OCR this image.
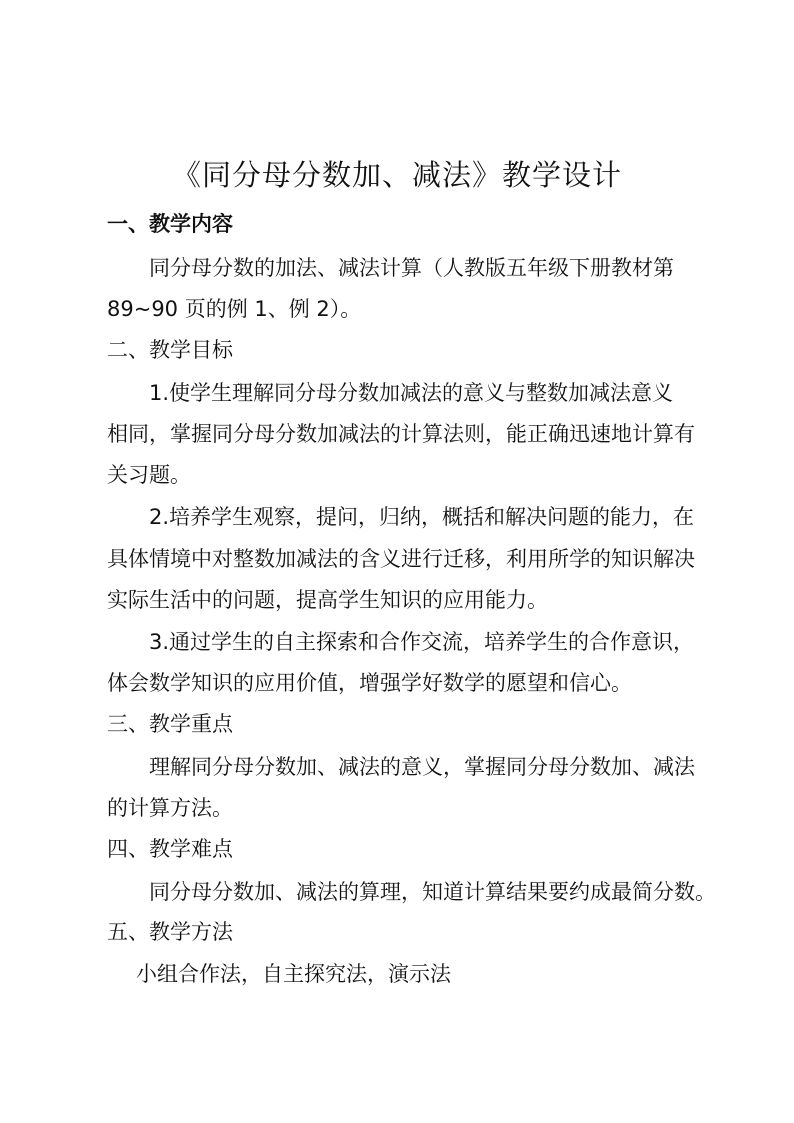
《同分母分数加、减法》教学设计
一、教学内容
同分母分数的加法、减法计算（人教版五年级下册教材第
89~90 页的例 1、例 2）。
二、教学目标
1.使学生理解同分母分数加减法的意义与整数加减法意义
相同，掌握同分母分数加减法的计算法则，能正确迅速地计算有
关习题。
2.培养学生观察，提问，归纳，概括和解决问题的能力，在
具体情境中对整数加减法的含义进行迁移，利用所学的知识解决
实际生活中的问题，提高学生知识的应用能力。
3.通过学生的自主探索和合作交流，培养学生的合作意识，
体会数学知识的应用价值，增强学好数学的愿望和信心。
三、教学重点
理解同分母分数加、减法的意义，掌握同分母分数加、减法
的计算方法。
四、教学难点
同分母分数加、减法的算理，知道计算结果要约成最简分数。
五、教学方法
小组合作法，自主探究法，演示法
